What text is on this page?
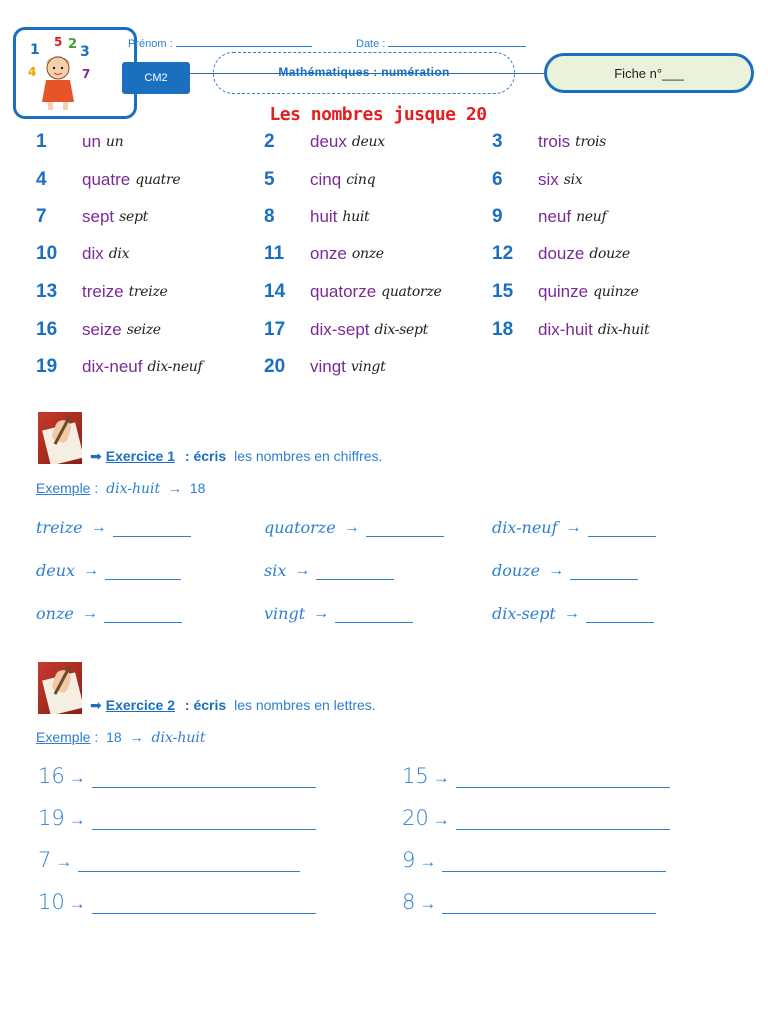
1 5 2 3
4	7
Prénom :	Date :
CM2	Mathématiques : numération	Fiche n°___
Les nombres jusque 20
1	un un	2	deux deux	3	trois trois
4	quatre quatre	5	cinq cinq	6	six six
7	sept sept	8	huit huit	9	neuf neuf
10	dix dix	11	onze onze	12	douze douze
13	treize treize	14	quatorze quatorze	15	quinze quinze
16	seize seize	17	dix-sept dix-sept	18	dix-huit dix-huit
19	dix-neuf dix-neuf	20	vingt vingt
➡ Exercice 1 : écris les nombres en chiffres.
Exemple : dix-huit → 18
treize →	quatorze →	dix-neuf →
deux →	six →	douze →
onze →	vingt →	dix-sept →
➡ Exercice 2 : écris les nombres en lettres.
Exemple : 18 → dix-huit
16 →	15 →
19 →	20 →
7 →	9 →
10 →	8 →
